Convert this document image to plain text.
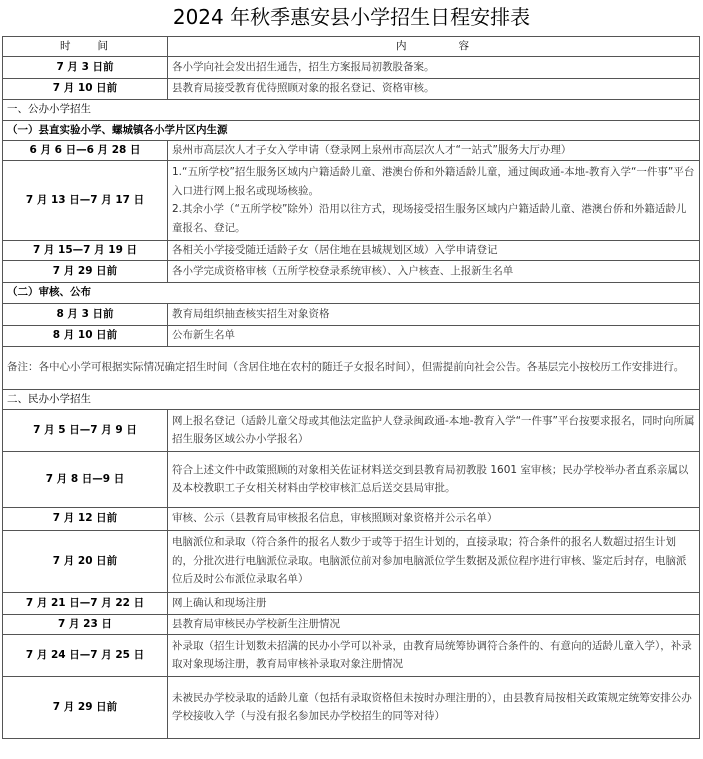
2024 年秋季惠安县小学招生日程安排表
时　　间	内　　　　容
7 月 3 日前	各小学向社会发出招生通告，招生方案报局初教股备案。
7 月 10 日前	县教育局接受教育优待照顾对象的报名登记、资格审核。
一、公办小学招生	
（一）县直实验小学、螺城镇各小学片区内生源	
6 月 6 日—6 月 28 日	泉州市高层次人才子女入学申请（登录网上泉州市高层次人才“一站式”服务大厅办理）
7 月 13 日—7 月 17 日	1.“五所学校”招生服务区域内户籍适龄儿童、港澳台侨和外籍适龄儿童，通过闽政通-本地-教育入学“一件事”平台入口进行网上报名或现场核验。
2.其余小学（“五所学校”除外）沿用以往方式，现场接受招生服务区域内户籍适龄儿童、港澳台侨和外籍适龄儿童报名、登记。
7 月 15—7 月 19 日	各相关小学接受随迁适龄子女（居住地在县城规划区域）入学申请登记
7 月 29 日前	各小学完成资格审核（五所学校登录系统审核）、入户核查、上报新生名单
（二）审核、公布	
8 月 3 日前	教育局组织抽查核实招生对象资格
8 月 10 日前	公布新生名单
备注：各中心小学可根据实际情况确定招生时间（含居住地在农村的随迁子女报名时间），但需提前向社会公告。各基层完小按校历工作安排进行。	
二、民办小学招生	
7 月 5 日—7 月 9 日	网上报名登记（适龄儿童父母或其他法定监护人登录闽政通-本地-教育入学“一件事”平台按要求报名，同时向所属招生服务区域公办小学报名）
7 月 8 日—9 日	符合上述文件中政策照顾的对象相关佐证材料送交到县教育局初教股 1601 室审核；民办学校举办者直系亲属以及本校教职工子女相关材料由学校审核汇总后送交县局审批。
7 月 12 日前	审核、公示（县教育局审核报名信息，审核照顾对象资格并公示名单）
7 月 20 日前	电脑派位和录取（符合条件的报名人数少于或等于招生计划的，直接录取；符合条件的报名人数超过招生计划的，分批次进行电脑派位录取。电脑派位前对参加电脑派位学生数据及派位程序进行审核、鉴定后封存，电脑派位后及时公布派位录取名单）
7 月 21 日—7 月 22 日	网上确认和现场注册
7 月 23 日	县教育局审核民办学校新生注册情况
7 月 24 日—7 月 25 日	补录取（招生计划数未招满的民办小学可以补录，由教育局统筹协调符合条件的、有意向的适龄儿童入学），补录取对象现场注册，教育局审核补录取对象注册情况
7 月 29 日前	未被民办学校录取的适龄儿童（包括有录取资格但未按时办理注册的），由县教育局按相关政策规定统筹安排公办学校接收入学（与没有报名参加民办学校招生的同等对待）
